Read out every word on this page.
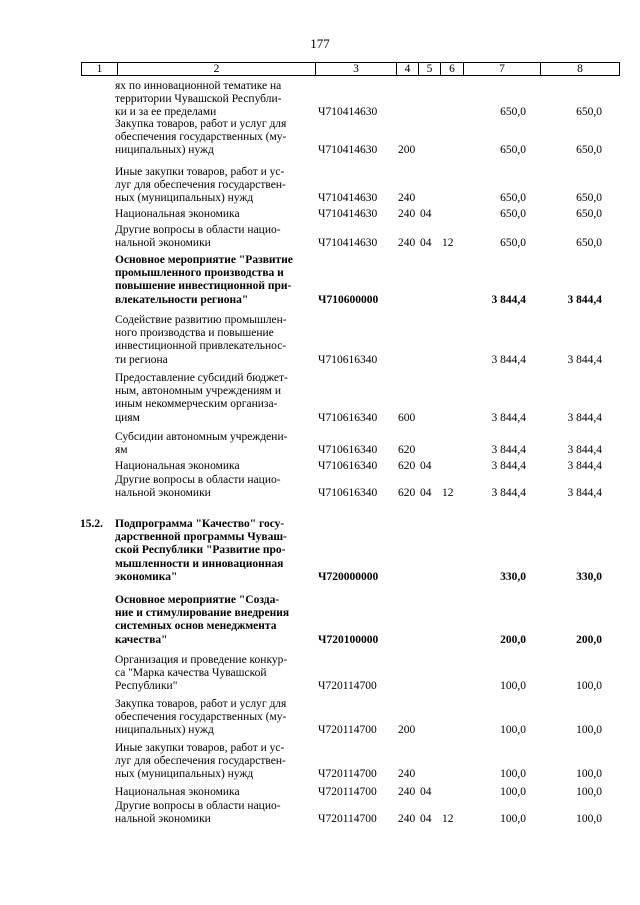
177
1	2	3	4	5	6	7	8
ях по инновационной тематике на
территории Чувашской Республи-
ки и за ее пределами	Ч710414630	650,0	650,0
Закупка товаров, работ и услуг для
обеспечения государственных (му-
ниципальных) нужд	Ч710414630 200	650,0	650,0
Иные закупки товаров, работ и ус-
луг для обеспечения государствен-
ных (муниципальных) нужд	Ч710414630 240	650,0	650,0
Национальная экономика	Ч710414630 240 04	650,0	650,0
Другие вопросы в области нацио-
нальной экономики	Ч710414630 240 04 12	650,0	650,0
Основное мероприятие "Развитие
промышленного производства и
повышение инвестиционной при-
влекательности региона"	Ч710600000	3 844,4	3 844,4
Содействие развитию промышлен-
ного производства и повышение
инвестиционной привлекательнос-
ти региона	Ч710616340	3 844,4	3 844,4
Предоставление субсидий бюджет-
ным, автономным учреждениям и
иным некоммерческим организа-
циям	Ч710616340 600	3 844,4	3 844,4
Субсидии автономным учреждени-
ям	Ч710616340 620	3 844,4	3 844,4
Национальная экономика	Ч710616340 620 04	3 844,4	3 844,4
Другие вопросы в области нацио-
нальной экономики	Ч710616340 620 04 12	3 844,4	3 844,4
15.2.	Подпрограмма "Качество" госу-
дарственной программы Чуваш-
ской Республики "Развитие про-
мышленности и инновационная
экономика"	Ч720000000	330,0	330,0
Основное мероприятие "Созда-
ние и стимулирование внедрения
системных основ менеджмента
качества"	Ч720100000	200,0	200,0
Организация и проведение конкур-
са "Марка качества Чувашской
Республики"	Ч720114700	100,0	100,0
Закупка товаров, работ и услуг для
обеспечения государственных (му-
ниципальных) нужд	Ч720114700 200	100,0	100,0
Иные закупки товаров, работ и ус-
луг для обеспечения государствен-
ных (муниципальных) нужд	Ч720114700 240	100,0	100,0
Национальная экономика	Ч720114700 240 04	100,0	100,0
Другие вопросы в области нацио-
нальной экономики	Ч720114700 240 04 12	100,0	100,0
